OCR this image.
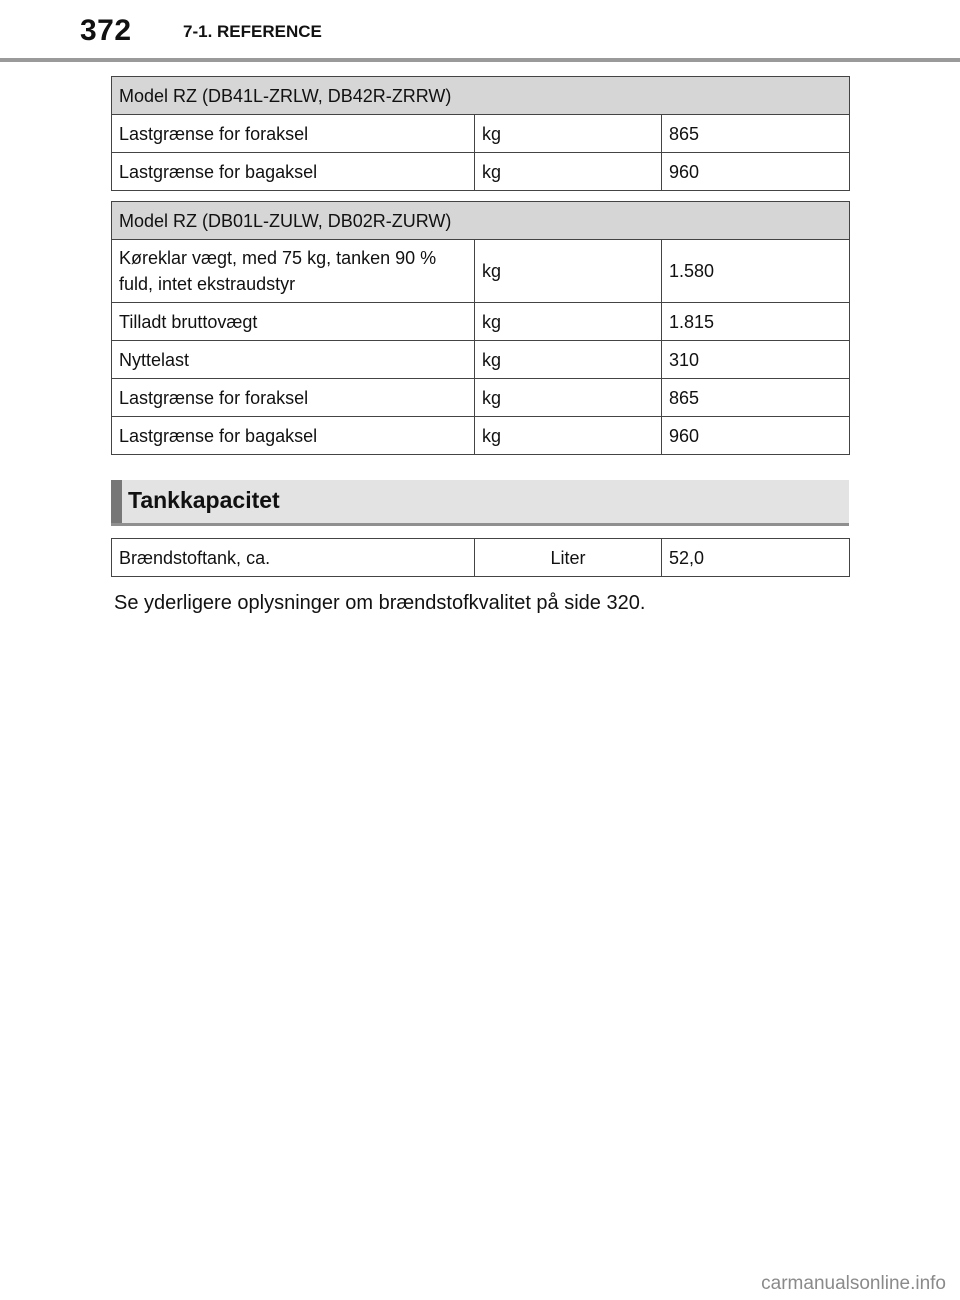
372	7-1. REFERENCE
Model RZ (DB41L-ZRLW, DB42R-ZRRW)		
Lastgrænse for foraksel	kg	865
Lastgrænse for bagaksel	kg	960
Model RZ (DB01L-ZULW, DB02R-ZURW)		
Køreklar vægt, med 75 kg, tanken 90 %
fuld, intet ekstraudstyr	kg	1.580
Tilladt bruttovægt	kg	1.815
Nyttelast	kg	310
Lastgrænse for foraksel	kg	865
Lastgrænse for bagaksel	kg	960
Tankkapacitet
Brændstoftank, ca.	Liter	52,0
Se yderligere oplysninger om brændstofkvalitet på side 320.
carmanualsonline.info
